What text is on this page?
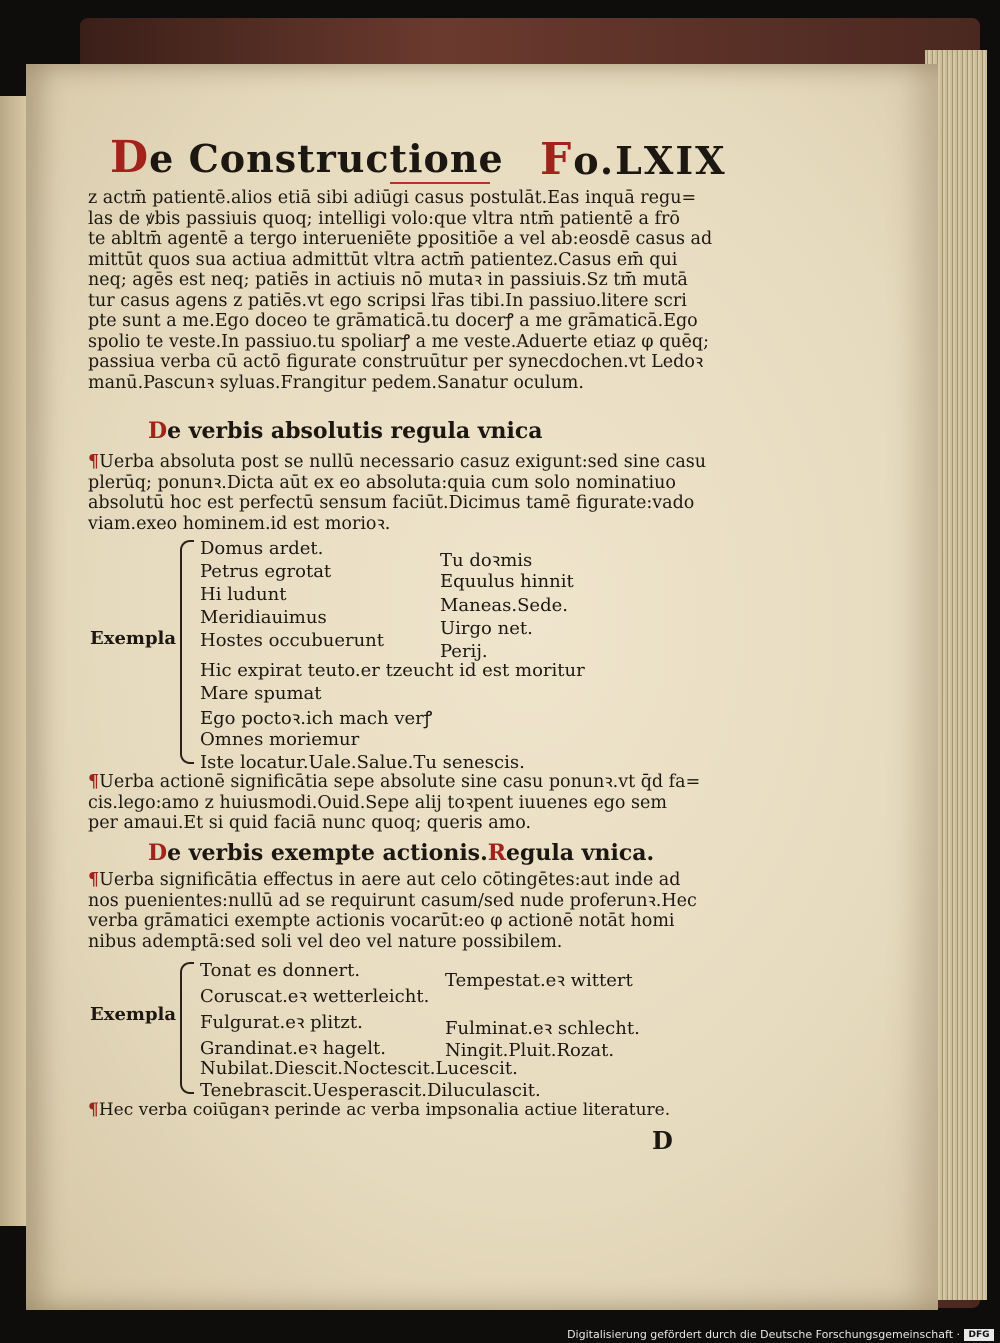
De Constructione Fo.LXIX
z actm̄ patientē.alios etiā sibi adiūgi casus postulāt.Eas inquā regu=
las de ꝟbis passiuis quoq; intelligi volo:que vltra ntm̄ patientē a frō
te abltm̄ agentē a tergo interueniēte ꝑpositiōe a vel ab:eosdē casus ad
mittūt quos sua actiua admittūt vltra actm̄ patientez.Casus em̄ qui
neq; agēs est neq; patiēs in actiuis nō mutaꝛ in passiuis.Sz tm̄ mutā
tur casus agens z patiēs.vt ego scripsi lr̄as tibi.In passiuo.litere scri
pte sunt a me.Ego doceo te grāmaticā.tu docerꝭ a me grāmaticā.Ego
spolio te veste.In passiuo.tu spoliarꝭ a me veste.Aduerte etiaz φ quēq;
passiua verba cū actō figurate construūtur per synecdochen.vt Ledoꝛ
manū.Pascunꝛ syluas.Frangitur pedem.Sanatur oculum.
De verbis absolutis regula vnica
¶Uerba absoluta post se nullū necessario casuz exigunt:sed sine casu
plerūq; ponunꝛ.Dicta aūt ex eo absoluta:quia cum solo nominatiuo
absolutū hoc est perfectū sensum faciūt.Dicimus tamē figurate:vado
viam.exeo hominem.id est morioꝛ.
Exempla
Domus ardet.
Petrus egrotat
Hi ludunt
Meridiauimus
Hostes occubuerunt
Hic expirat teuto.er tzeucht id est moritur
Mare spumat
Ego poctoꝛ.ich mach verꝭ
Omnes moriemur
Tu doꝛmis
Equulus hinnit
Maneas.Sede.
Uirgo net.
Perij.
Iste locatur.Uale.Salue.Tu senescis.
¶Uerba actionē significātia sepe absolute sine casu ponunꝛ.vt q̄d fa=
cis.lego:amo z huiusmodi.Ouid.Sepe alij toꝛpent iuuenes ego sem
per amaui.Et si quid faciā nunc quoq; queris amo.
De verbis exempte actionis.Regula vnica.
¶Uerba significātia effectus in aere aut celo cōtingētes:aut inde ad
nos puenientes:nullū ad se requirunt casum/sed nude proferunꝛ.Hec
verba grāmatici exempte actionis vocarūt:eo φ actionē notāt homi
nibus ademptā:sed soli vel deo vel nature possibilem.
Exempla
Tonat es donnert.
Coruscat.eꝛ wetterleicht.
Fulgurat.eꝛ plitzt.
Grandinat.eꝛ hagelt.
Nubilat.Diescit.Noctescit.Lucescit.
Tempestat.eꝛ wittert
Fulminat.eꝛ schlecht.
Ningit.Pluit.Rozat.
Tenebrascit.Uesperascit.Diluculascit.
¶Hec verba coiūganꝛ perinde ac verba impsonalia actiue literature.
D
Digitalisierung gefördert durch die Deutsche Forschungsgemeinschaft · DFG
